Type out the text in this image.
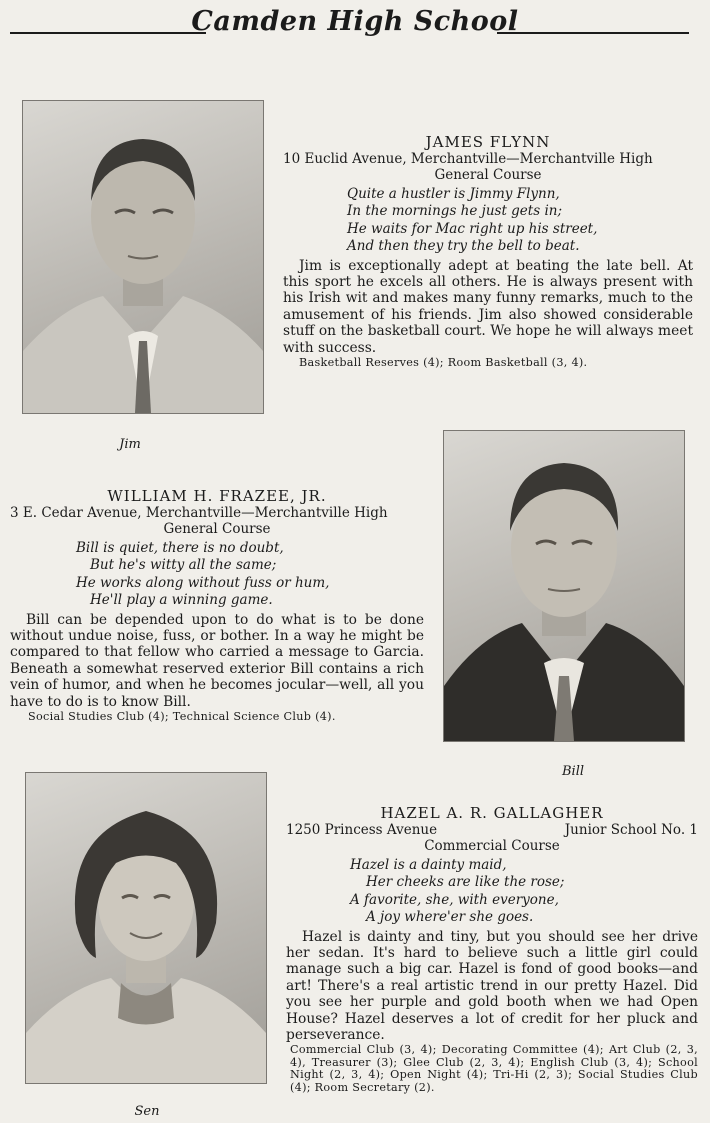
Camden High School
Jim
JAMES FLYNN
10 Euclid Avenue, Merchantville—Merchantville High
General Course
Quite a hustler is Jimmy Flynn,
In the mornings he just gets in;
He waits for Mac right up his street,
And then they try the bell to beat.
Jim is exceptionally adept at beating the late bell. At this sport he excels all others. He is always present with his Irish wit and makes many funny remarks, much to the amusement of his friends. Jim also showed considerable stuff on the basketball court. We hope he will always meet with success.
Basketball Reserves (4); Room Basketball (3, 4).
WILLIAM H. FRAZEE, JR.
3 E. Cedar Avenue, Merchantville—Merchantville High
General Course
Bill is quiet, there is no doubt,
But he's witty all the same;
He works along without fuss or hum,
He'll play a winning game.
Bill can be depended upon to do what is to be done without undue noise, fuss, or bother. In a way he might be compared to that fellow who carried a message to Garcia. Beneath a somewhat reserved exterior Bill contains a rich vein of humor, and when he becomes jocular—well, all you have to do is to know Bill.
Social Studies Club (4); Technical Science Club (4).
Bill
Sen
HAZEL A. R. GALLAGHER
1250 Princess Avenue	Junior School No. 1
Commercial Course
Hazel is a dainty maid,
Her cheeks are like the rose;
A favorite, she, with everyone,
A joy where'er she goes.
Hazel is dainty and tiny, but you should see her drive her sedan. It's hard to believe such a little girl could manage such a big car. Hazel is fond of good books—and art! There's a real artistic trend in our pretty Hazel. Did you see her purple and gold booth when we had Open House? Hazel deserves a lot of credit for her pluck and perseverance.
Commercial Club (3, 4); Decorating Committee (4); Art Club (2, 3, 4), Treasurer (3); Glee Club (2, 3, 4); English Club (3, 4); School Night (2, 3, 4); Open Night (4); Tri-Hi (2, 3); Social Studies Club (4); Room Secretary (2).
